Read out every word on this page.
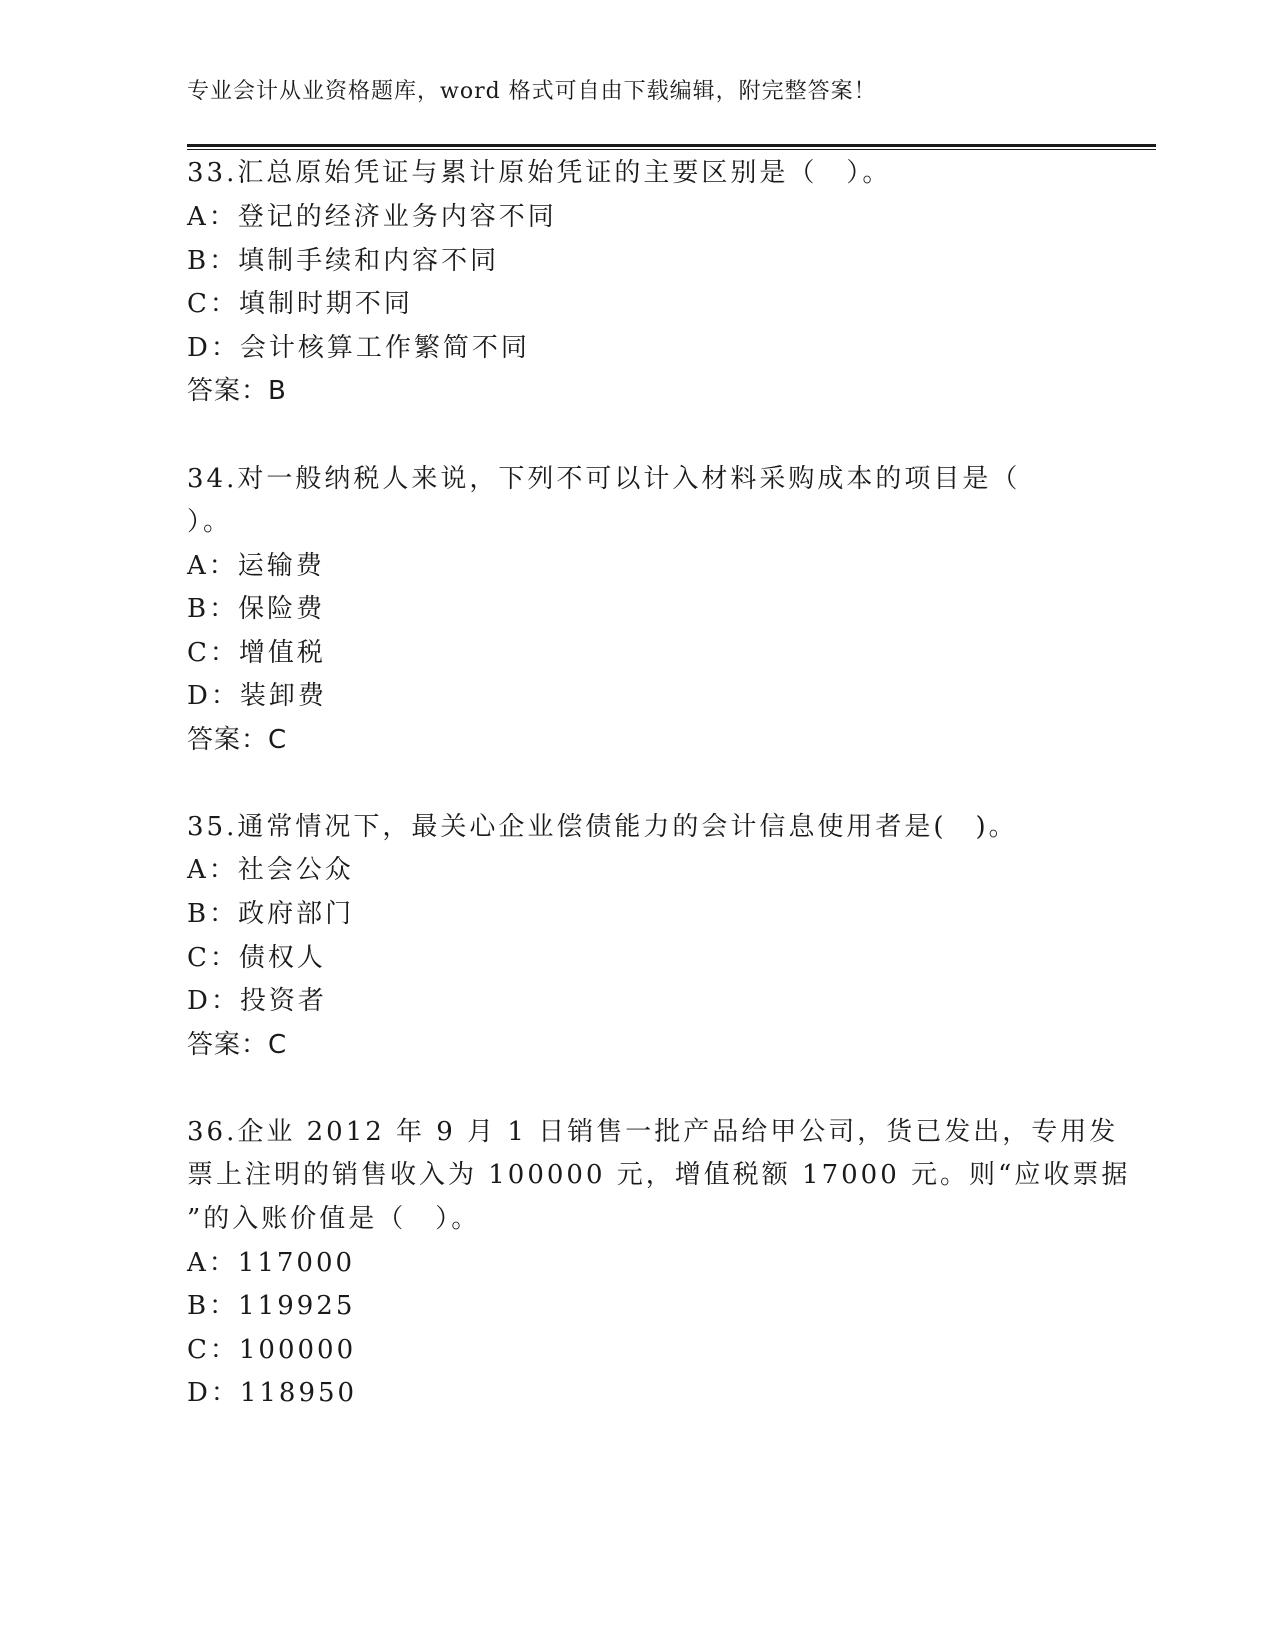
专业会计从业资格题库，word 格式可自由下载编辑，附完整答案！
33.汇总原始凭证与累计原始凭证的主要区别是（　）。
A：登记的经济业务内容不同
B：填制手续和内容不同
C：填制时期不同
D：会计核算工作繁简不同
答案：B
34.对一般纳税人来说，下列不可以计入材料采购成本的项目是（
）。
A：运输费
B：保险费
C：增值税
D：装卸费
答案：C
35.通常情况下，最关心企业偿债能力的会计信息使用者是(　)。
A：社会公众
B：政府部门
C：债权人
D：投资者
答案：C
36.企业 2012 年 9 月 1 日销售一批产品给甲公司，货已发出，专用发
票上注明的销售收入为 100000 元，增值税额 17000 元。则“应收票据
”的入账价值是（　）。
A：117000
B：119925
C：100000
D：118950
